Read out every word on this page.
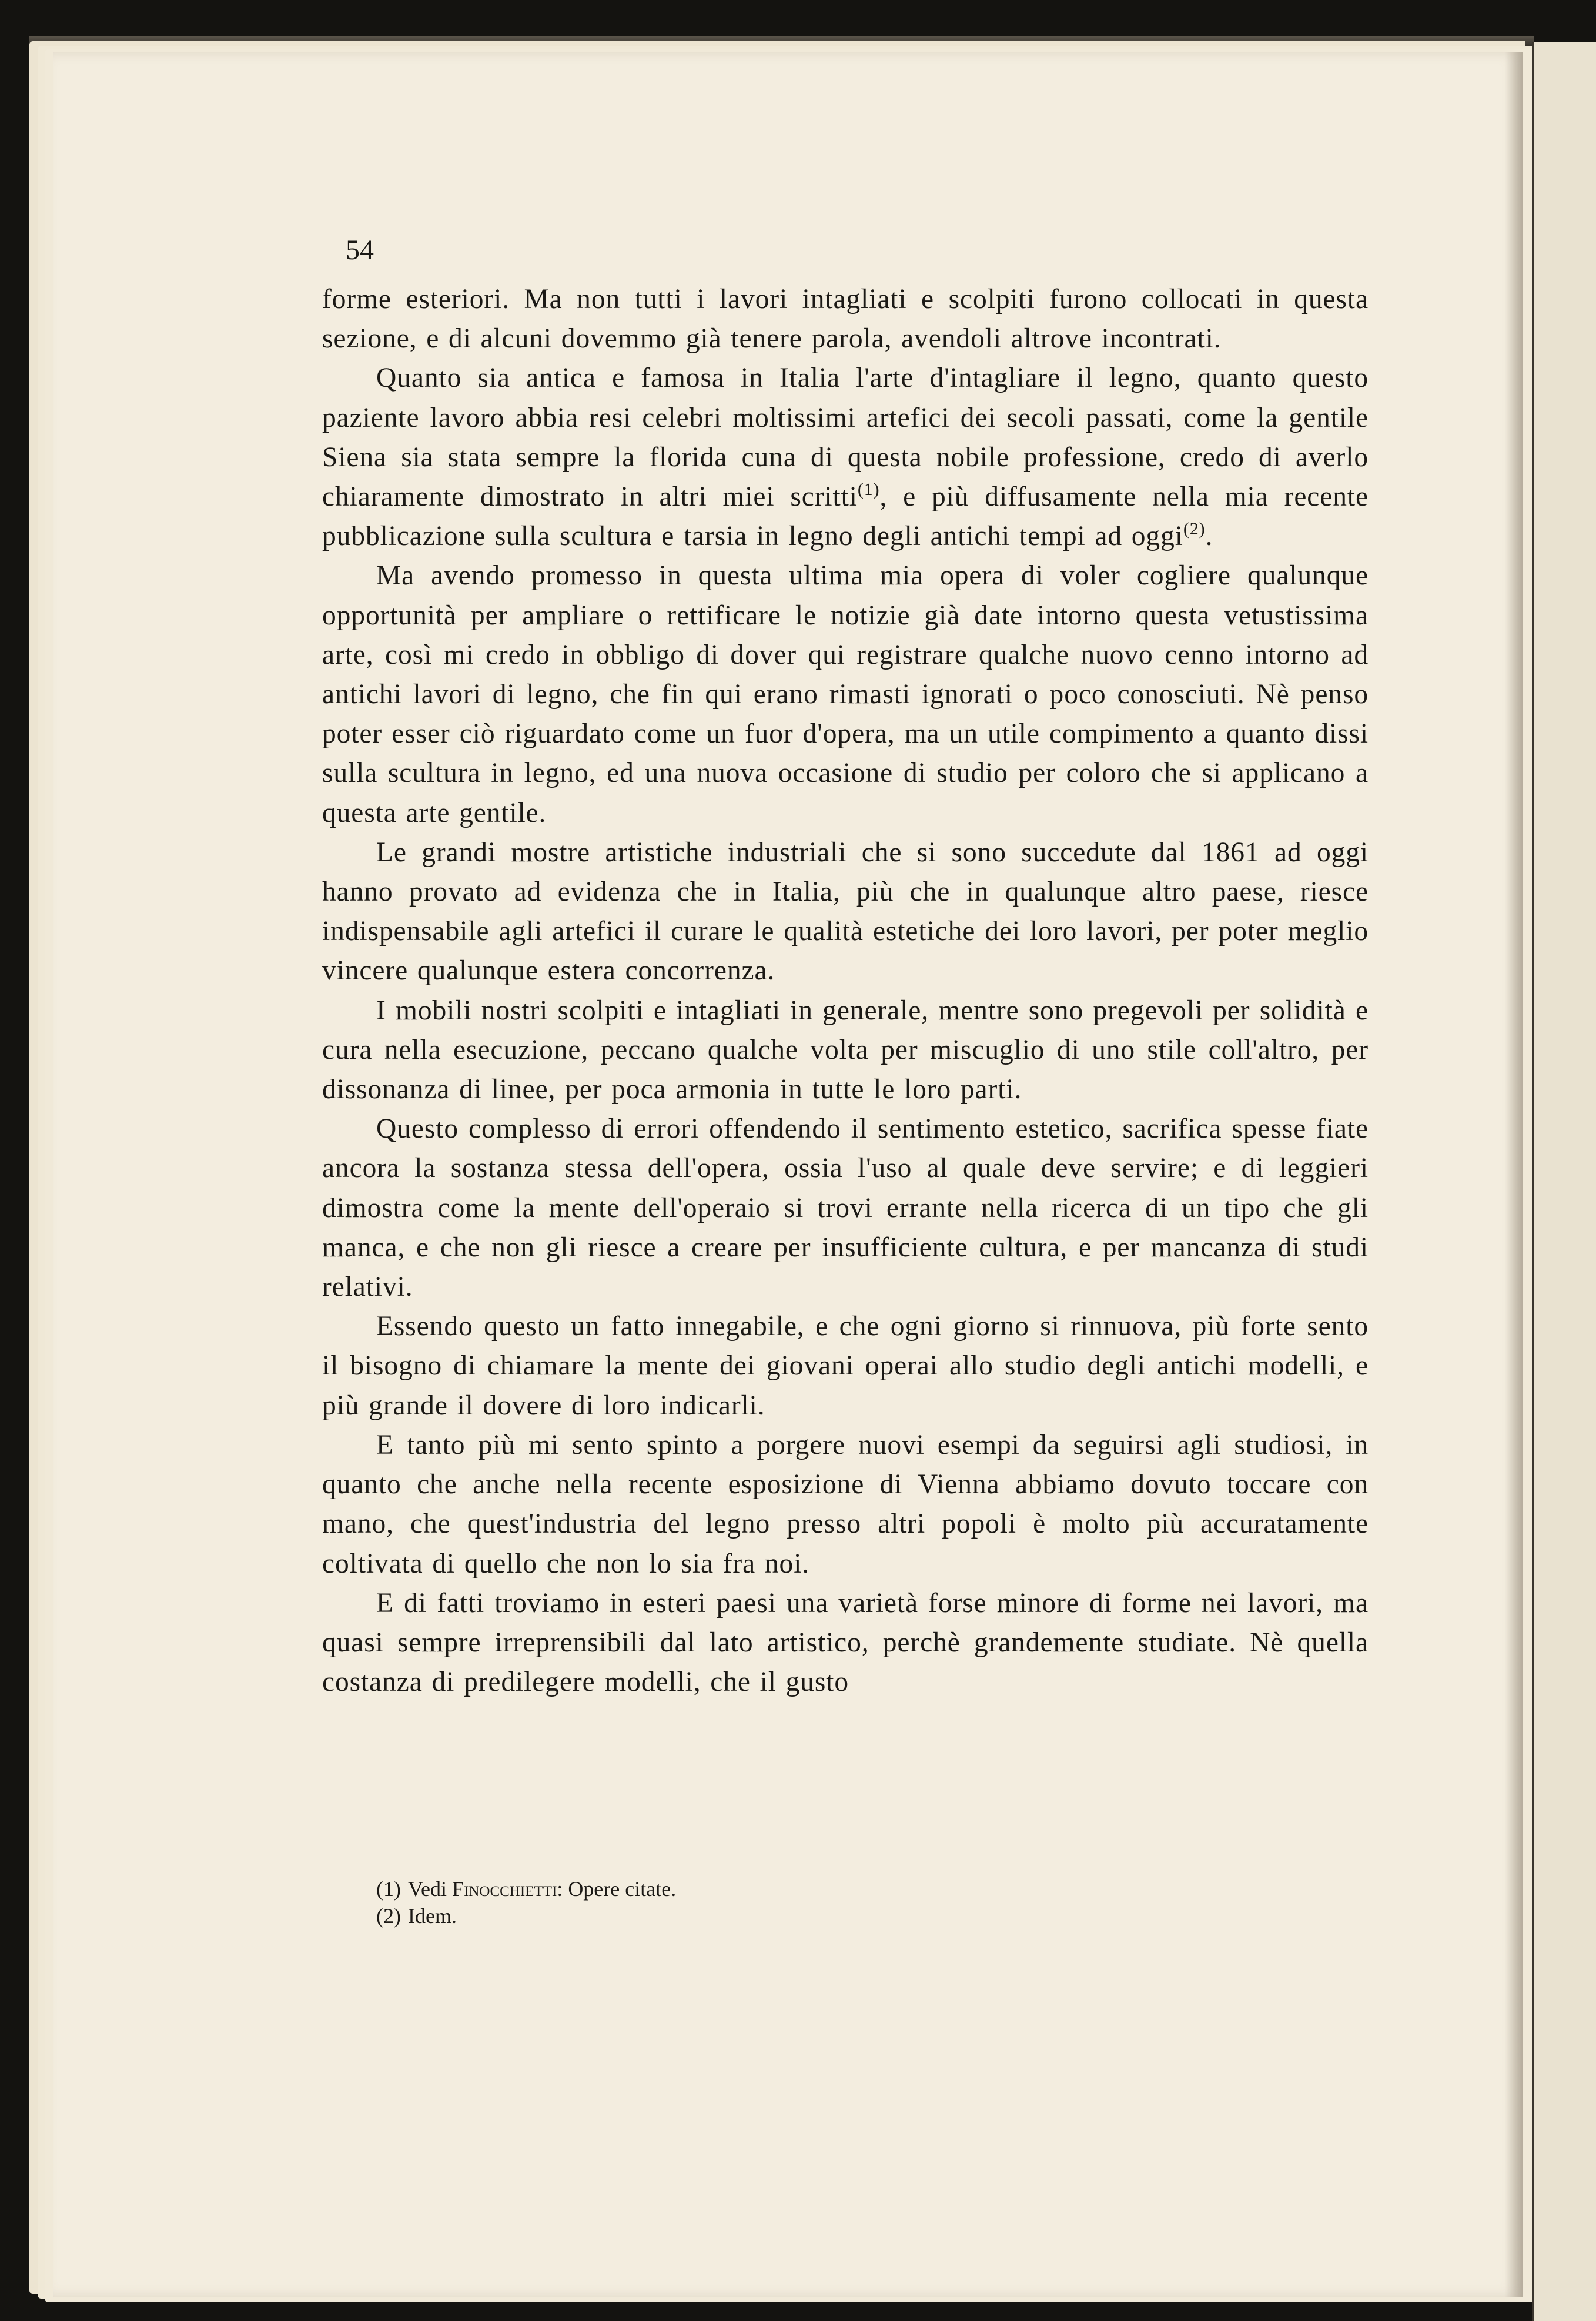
54

forme esteriori. Ma non tutti i lavori intagliati e scolpiti furono collocati in questa sezione, e di alcuni dovemmo già tenere parola, avendoli altrove incontrati.

Quanto sia antica e famosa in Italia l'arte d'intagliare il legno, quanto questo paziente lavoro abbia resi celebri moltissimi artefici dei secoli passati, come la gentile Siena sia stata sempre la florida cuna di questa nobile professione, credo di averlo chiaramente dimostrato in altri miei scritti$^{(1)}$, e più diffusamente nella mia recente pubblicazione sulla scultura e tarsia in legno degli antichi tempi ad oggi$^{(2)}$.

Ma avendo promesso in questa ultima mia opera di voler cogliere qualunque opportunità per ampliare o rettificare le notizie già date intorno questa vetustissima arte, così mi credo in obbligo di dover qui registrare qualche nuovo cenno intorno ad antichi lavori di legno, che fin qui erano rimasti ignorati o poco conosciuti. Nè penso poter esser ciò riguardato come un fuor d'opera, ma un utile compimento a quanto dissi sulla scultura in legno, ed una nuova occasione di studio per coloro che si applicano a questa arte gentile.

Le grandi mostre artistiche industriali che si sono succedute dal 1861 ad oggi hanno provato ad evidenza che in Italia, più che in qualunque altro paese, riesce indispensabile agli artefici il curare le qualità estetiche dei loro lavori, per poter meglio vincere qualunque estera concorrenza.

I mobili nostri scolpiti e intagliati in generale, mentre sono pregevoli per solidità e cura nella esecuzione, peccano qualche volta per miscuglio di uno stile coll'altro, per dissonanza di linee, per poca armonia in tutte le loro parti.

Questo complesso di errori offendendo il sentimento estetico, sacrifica spesse fiate ancora la sostanza stessa dell'opera, ossia l'uso al quale deve servire; e di leggieri dimostra come la mente dell'operaio si trovi errante nella ricerca di un tipo che gli manca, e che non gli riesce a creare per insufficiente cultura, e per mancanza di studi relativi.

Essendo questo un fatto innegabile, e che ogni giorno si rinnuova, più forte sento il bisogno di chiamare la mente dei giovani operai allo studio degli antichi modelli, e più grande il dovere di loro indicarli.

E tanto più mi sento spinto a porgere nuovi esempi da seguirsi agli studiosi, in quanto che anche nella recente esposizione di Vienna abbiamo dovuto toccare con mano, che quest'industria del legno presso altri popoli è molto più accuratamente coltivata di quello che non lo sia fra noi.

E di fatti troviamo in esteri paesi una varietà forse minore di forme nei lavori, ma quasi sempre irreprensibili dal lato artistico, perchè grandemente studiate. Nè quella costanza di predilegere modelli, che il gusto

(1) Vedi Finocchietti: Opere citate.
(2) Idem.
